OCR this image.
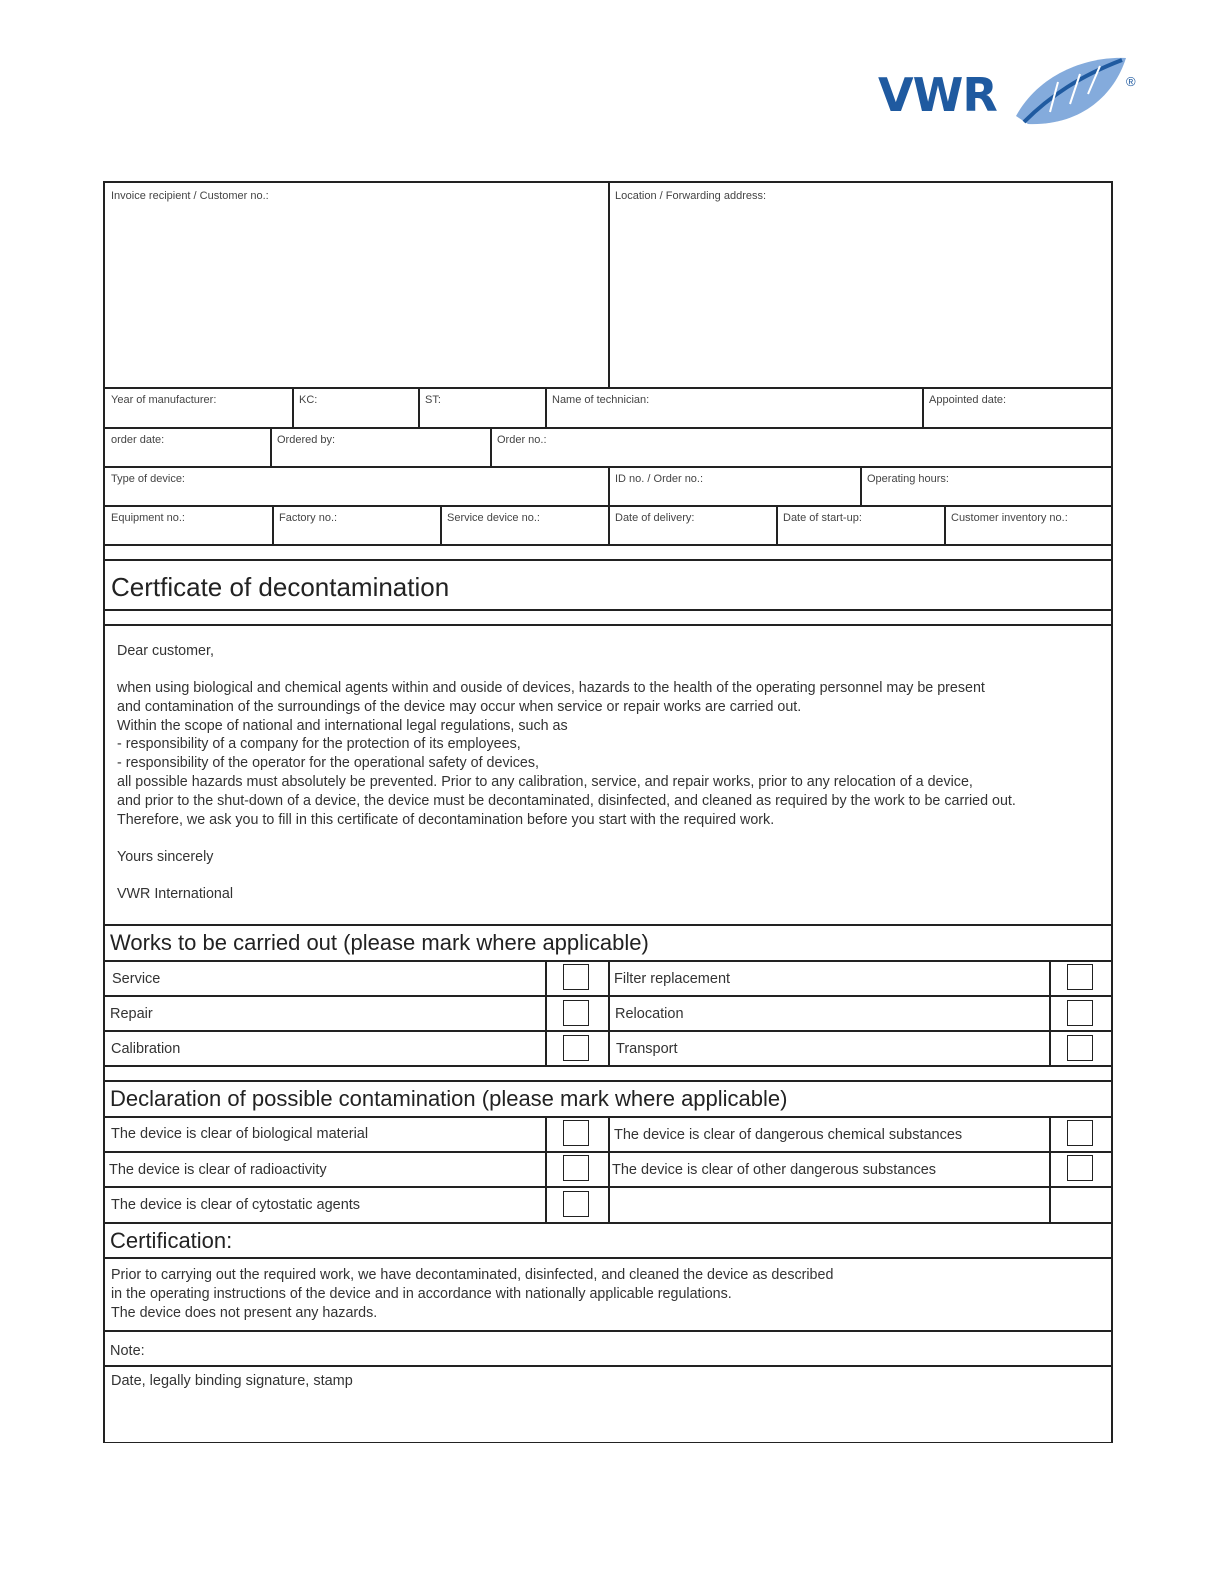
VWR	®
Invoice recipient / Customer no.:	Location / Forwarding address:
Year of manufacturer:	KC:	ST:	Name of technician:	Appointed date:
order date:	Ordered by:	Order no.:
Type of device:	ID no. / Order no.:	Operating hours:
Equipment no.:	Factory no.:	Service device no.:	Date of delivery:	Date of start-up:	Customer inventory no.:
Certficate of decontamination
Dear customer,
when using biological and chemical agents within and ouside of devices, hazards to the health of the operating personnel may be present
and contamination of the surroundings of the device may occur when service or repair works are carried out.
Within the scope of national and international legal regulations, such as
- responsibility of a company for the protection of its employees,
- responsibility of the operator for the operational safety of devices,
all possible hazards must absolutely be prevented. Prior to any calibration, service, and repair works, prior to any relocation of a device,
and prior to the shut-down of a device, the device must be decontaminated, disinfected, and cleaned as required by the work to be carried out.
Therefore, we ask you to fill in this certificate of decontamination before you start with the required work.
Yours sincerely
VWR International
Works to be carried out (please mark where applicable)
Service	Filter replacement
Repair	Relocation
Calibration	Transport
Declaration of possible contamination (please mark where applicable)
The device is clear of biological material	The device is clear of dangerous chemical substances
The device is clear of radioactivity	The device is clear of other dangerous substances
The device is clear of cytostatic agents
Certification:
Prior to carrying out the required work, we have decontaminated, disinfected, and cleaned the device as described
in the operating instructions of the device and in accordance with nationally applicable regulations.
The device does not present any hazards.
Note:
Date, legally binding signature, stamp
